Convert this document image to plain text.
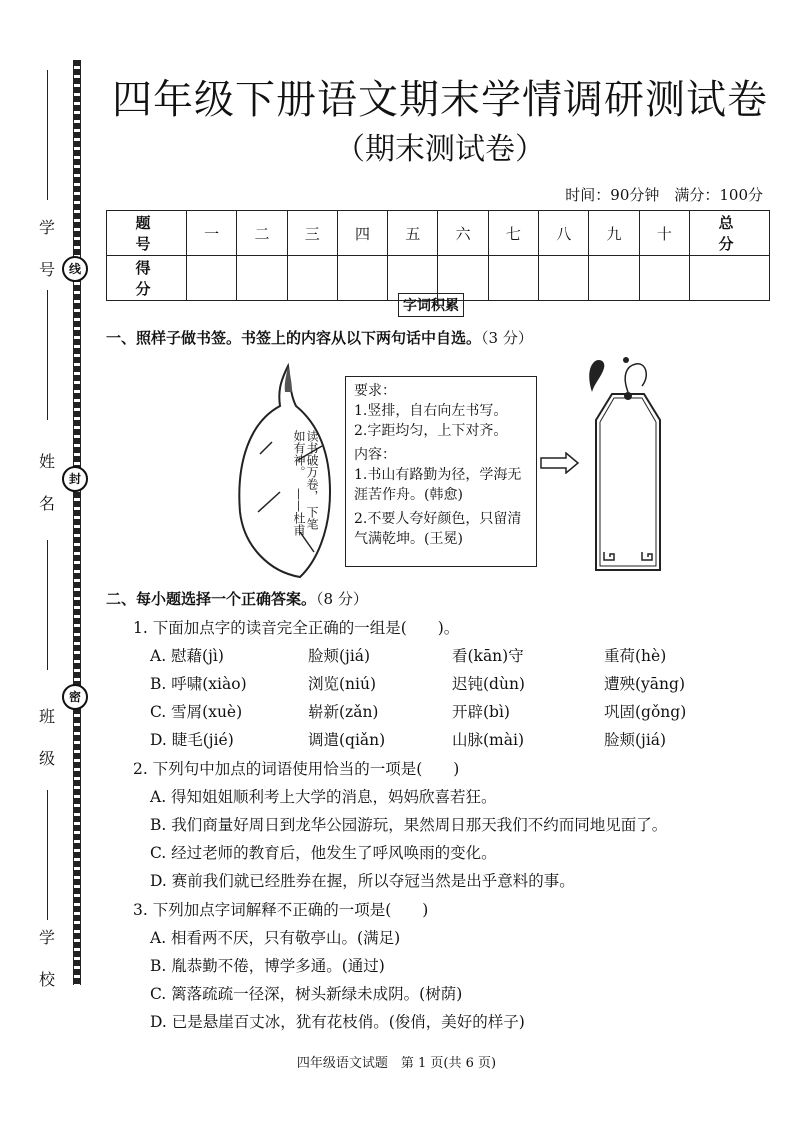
学
号
姓
名
班
级
学
校
线
封
密
四年级下册语文期末学情调研测试卷
（期末测试卷）
时间：90分钟　满分：100分
题　号	一	二	三	四	五	六	七	八	九	十	总　分
得　分											
字词积累
一、照样子做书签。书签上的内容从以下两句话中自选。（3 分）
读书破万卷， 下笔如有神。 ——杜甫
要求：
1.竖排，自右向左书写。
2.字距均匀，上下对齐。
内容：
1.书山有路勤为径，学海无涯苦作舟。(韩愈)
2.不要人夸好颜色，只留清气满乾坤。(王冕)
二、每小题选择一个正确答案。（8 分）
1. 下面加点字的读音完全正确的一组是(　　)。
A. 慰藉(jì)	脸颊(jiá)	看(kān)守	重荷(hè)
B. 呼啸(xiào)	浏览(niú)	迟钝(dùn)	遭殃(yāng)
C. 雪屑(xuè)	崭新(zǎn)	开辟(bì)	巩固(gǒng)
D. 睫毛(jié)	调遣(qiǎn)	山脉(mài)	脸颊(jiá)
2. 下列句中加点的词语使用恰当的一项是(　　)
A. 得知姐姐顺利考上大学的消息，妈妈欣喜若狂。
B. 我们商量好周日到龙华公园游玩，果然周日那天我们不约而同地见面了。
C. 经过老师的教育后，他发生了呼风唤雨的变化。
D. 赛前我们就已经胜券在握，所以夺冠当然是出乎意料的事。
3. 下列加点字词解释不正确的一项是(　　)
A. 相看两不厌，只有敬亭山。(满足)
B. 胤恭勤不倦，博学多通。(通过)
C. 篱落疏疏一径深，树头新绿未成阴。(树荫)
D. 已是悬崖百丈冰，犹有花枝俏。(俊俏，美好的样子)
四年级语文试题　第 1 页(共 6 页)
